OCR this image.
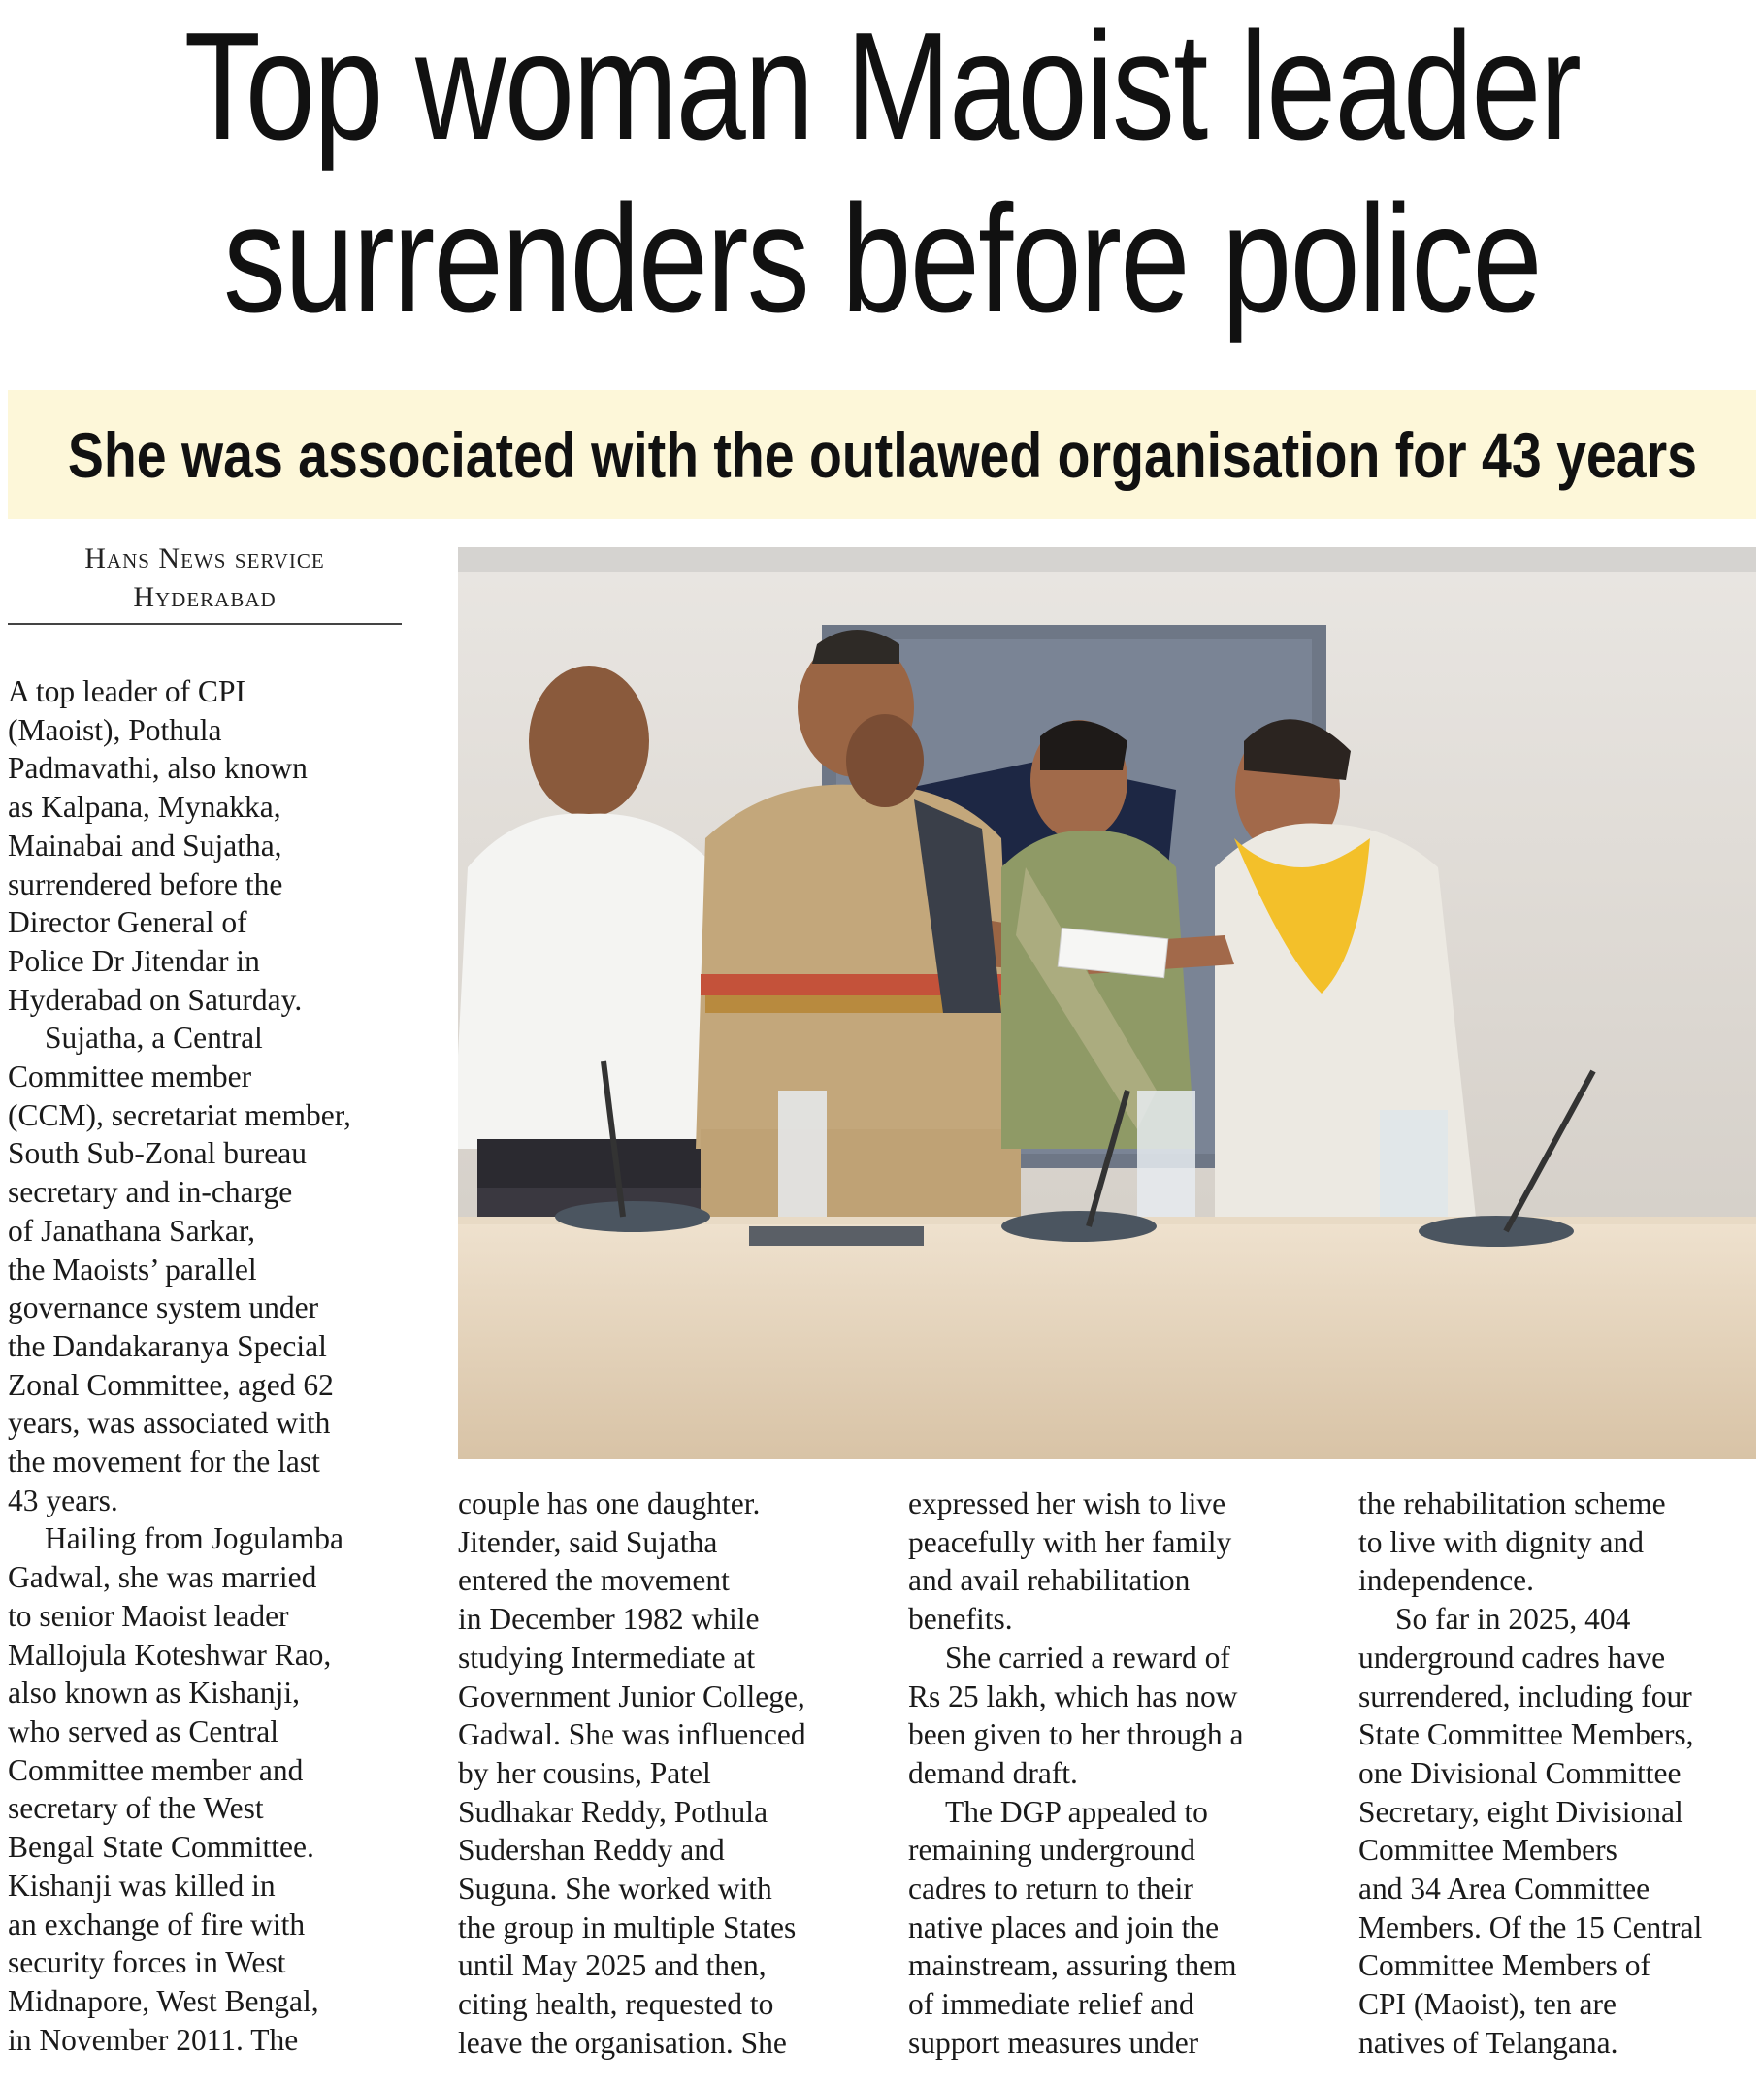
Top woman Maoist leader
surrenders before police
She was associated with the outlawed organisation for 43 years
Hans News service
Hyderabad
A top leader of CPI
(Maoist), Pothula
Padmavathi, also known
as Kalpana, Mynakka,
Mainabai and Sujatha,
surrendered before the
Director General of
Police Dr Jitendar in
Hyderabad on Saturday.
Sujatha, a Central
Committee member
(CCM), secretariat member,
South Sub-Zonal bureau
secretary and in-charge
of Janathana Sarkar,
the Maoists’ parallel
governance system under
the Dandakaranya Special
Zonal Committee, aged 62
years, was associated with
the movement for the last
43 years.
Hailing from Jogulamba
Gadwal, she was married
to senior Maoist leader
Mallojula Koteshwar Rao,
also known as Kishanji,
who served as Central
Committee member and
secretary of the West
Bengal State Committee.
Kishanji was killed in
an exchange of fire with
security forces in West
Midnapore, West Bengal,
in November 2011. The
couple has one daughter.
Jitender, said Sujatha
entered the movement
in December 1982 while
studying Intermediate at
Government Junior College,
Gadwal. She was influenced
by her cousins, Patel
Sudhakar Reddy, Pothula
Sudershan Reddy and
Suguna. She worked with
the group in multiple States
until May 2025 and then,
citing health, requested to
leave the organisation. She
expressed her wish to live
peacefully with her family
and avail rehabilitation
benefits.
She carried a reward of
Rs 25 lakh, which has now
been given to her through a
demand draft.
The DGP appealed to
remaining underground
cadres to return to their
native places and join the
mainstream, assuring them
of immediate relief and
support measures under
the rehabilitation scheme
to live with dignity and
independence.
So far in 2025, 404
underground cadres have
surrendered, including four
State Committee Members,
one Divisional Committee
Secretary, eight Divisional
Committee Members
and 34 Area Committee
Members. Of the 15 Central
Committee Members of
CPI (Maoist), ten are
natives of Telangana.
